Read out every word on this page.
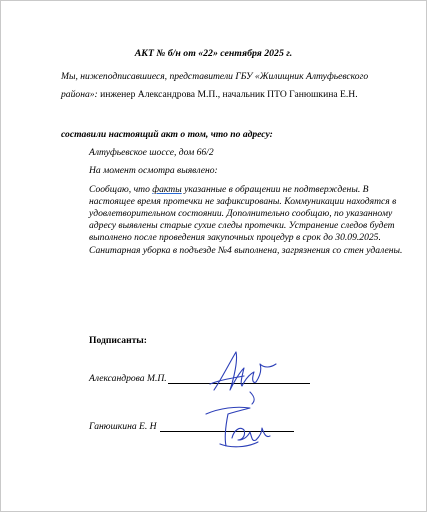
АКТ № б/н от «22» сентября 2025 г.
Мы, нижеподписавшиеся, представители ГБУ «Жилищник Алтуфьевского
района»: инженер Александрова М.П., начальник ПТО Ганюшкина Е.Н.
составили настоящий акт о том, что по адресу:
Алтуфьевское шоссе, дом 66/2
На момент осмотра выявлено:
Сообщаю, что факты указанные в обращении не подтверждены. В
настоящее время протечки не зафиксированы. Коммуникации находятся в
удовлетворительном состоянии. Дополнительно сообщаю, по указанному
адресу выявлены старые сухие следы протечки. Устранение следов будет
выполнено после проведения закупочных процедур в срок до 30.09.2025.
Санитарная уборка в подъезде №4 выполнена, загрязнения со стен удалены.
Подписанты:
Александрова М.П.
Ганюшкина Е. Н
